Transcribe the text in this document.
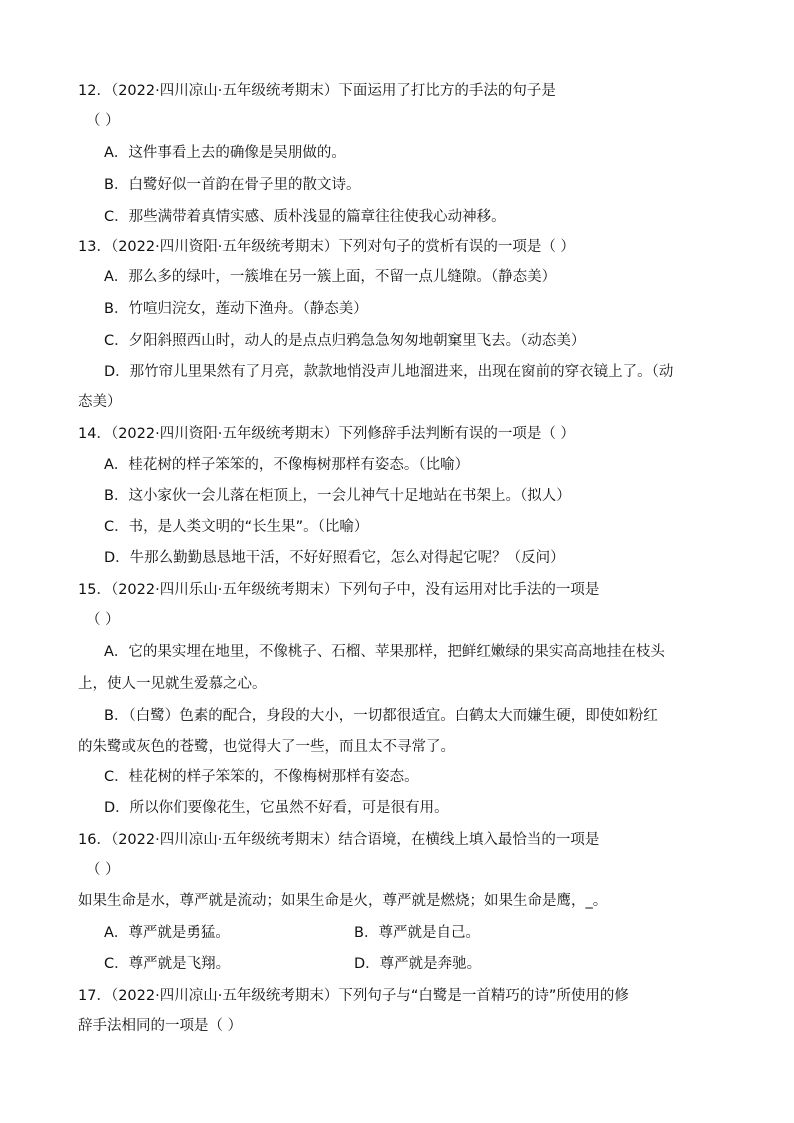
12．（2022·四川凉山·五年级统考期末）下面运用了打比方的手法的句子是
（ ）
A．这件事看上去的确像是吴朋做的。
B．白鹭好似一首韵在骨子里的散文诗。
C．那些满带着真情实感、质朴浅显的篇章往往使我心动神移。
13．（2022·四川资阳·五年级统考期末）下列对句子的赏析有误的一项是（ ）
A．那么多的绿叶，一簇堆在另一簇上面，不留一点儿缝隙。（静态美）
B．竹喧归浣女，莲动下渔舟。（静态美）
C．夕阳斜照西山时，动人的是点点归鸦急急匆匆地朝窠里飞去。（动态美）
D．那竹帘儿里果然有了月亮，款款地悄没声儿地溜进来，出现在窗前的穿衣镜上了。（动
态美）
14．（2022·四川资阳·五年级统考期末）下列修辞手法判断有误的一项是（ ）
A．桂花树的样子笨笨的，不像梅树那样有姿态。（比喻）
B．这小家伙一会儿落在柜顶上，一会儿神气十足地站在书架上。（拟人）
C．书，是人类文明的“长生果”。（比喻）
D．牛那么勤勤恳恳地干活，不好好照看它，怎么对得起它呢？（反问）
15．（2022·四川乐山·五年级统考期末）下列句子中，没有运用对比手法的一项是
（ ）
A．它的果实埋在地里，不像桃子、石榴、苹果那样，把鲜红嫩绿的果实高高地挂在枝头
上，使人一见就生爱慕之心。
B．（白鹭）色素的配合，身段的大小，一切都很适宜。白鹤太大而嫌生硬，即使如粉红
的朱鹭或灰色的苍鹭，也觉得大了一些，而且太不寻常了。
C．桂花树的样子笨笨的，不像梅树那样有姿态。
D．所以你们要像花生，它虽然不好看，可是很有用。
16．（2022·四川凉山·五年级统考期末）结合语境，在横线上填入最恰当的一项是
（ ）
如果生命是水，尊严就是流动；如果生命是火，尊严就是燃烧；如果生命是鹰，_。
A．尊严就是勇猛。	B．尊严就是自己。
C．尊严就是飞翔。	D．尊严就是奔驰。
17．（2022·四川凉山·五年级统考期末）下列句子与“白鹭是一首精巧的诗”所使用的修
辞手法相同的一项是（ ）
